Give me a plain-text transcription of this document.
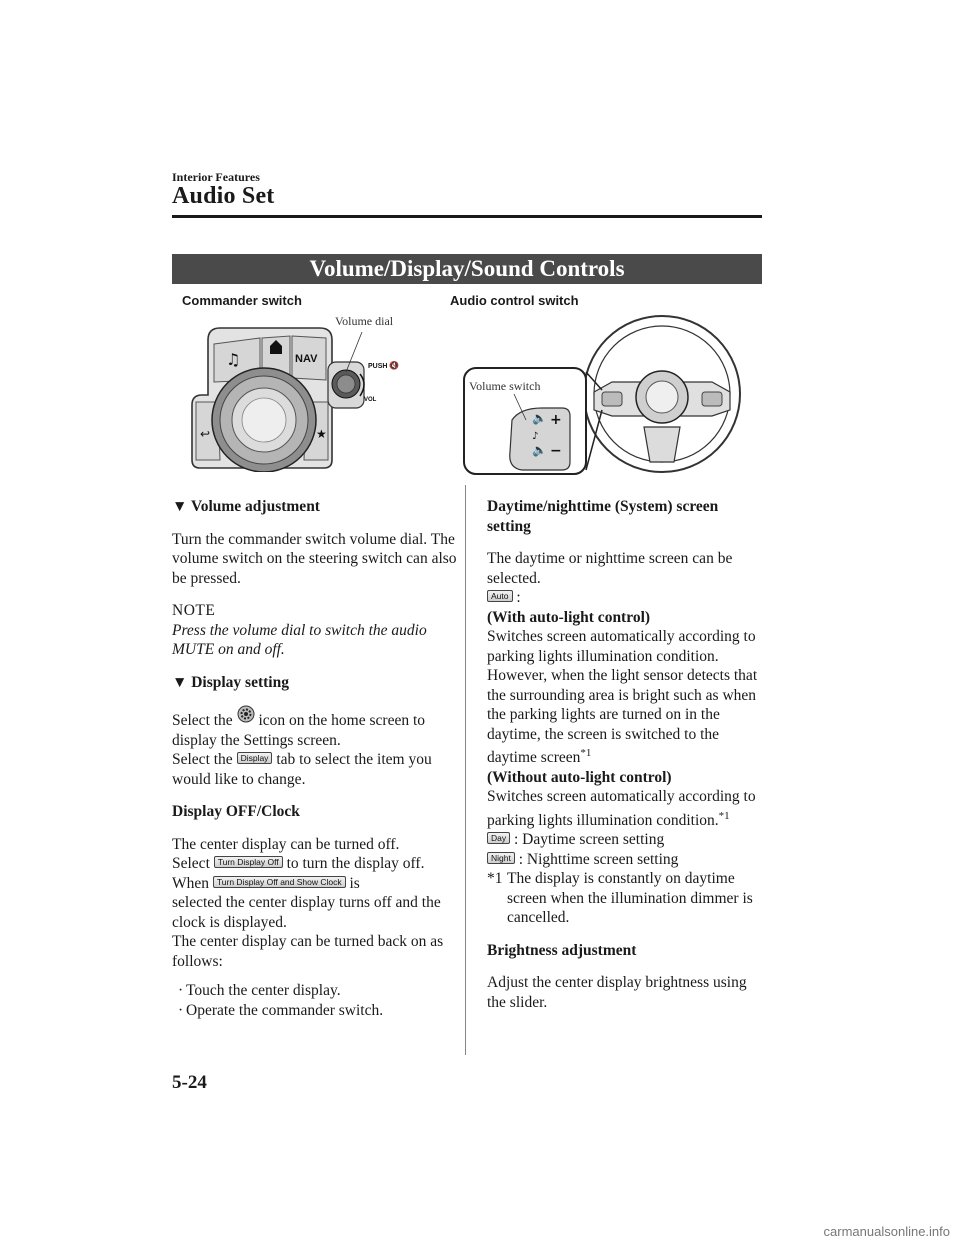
Interior Features
Audio Set
Volume/Display/Sound Controls
Commander switch	Audio control switch
♫	NAV
↩	★
PUSH 🔇
VOL
Volume dial
🔈 +
♪
🔈 −
Volume switch

▼ Volume adjustment

Turn the commander switch volume dial. The volume switch on the steering switch can also be pressed.

NOTE

Press the volume dial to switch the audio MUTE on and off.

▼ Display setting

Select the icon on the home screen to display the Settings screen.

Select the Display tab to select the item you would like to change.

Display OFF/Clock

The center display can be turned off.

Select Turn Display Off to turn the display off.

When Turn Display Off and Show Clock is

selected the center display turns off and the clock is displayed.

The center display can be turned back on as follows:

· Touch the center display.

· Operate the commander switch.

Daytime/nighttime (System) screen setting

The daytime or nighttime screen can be selected.

Auto :

(With auto-light control)

Switches screen automatically according to parking lights illumination condition. However, when the light sensor detects that the surrounding area is bright such as when the parking lights are turned on in the daytime, the screen is switched to the daytime screen$^{*1}$

(Without auto-light control)

Switches screen automatically according to parking lights illumination condition.$^{*1}$

Day : Daytime screen setting

Night : Nighttime screen setting

*1 The display is constantly on daytime screen when the illumination dimmer is cancelled.

Brightness adjustment

Adjust the center display brightness using the slider.

5-24
carmanualsonline.info
